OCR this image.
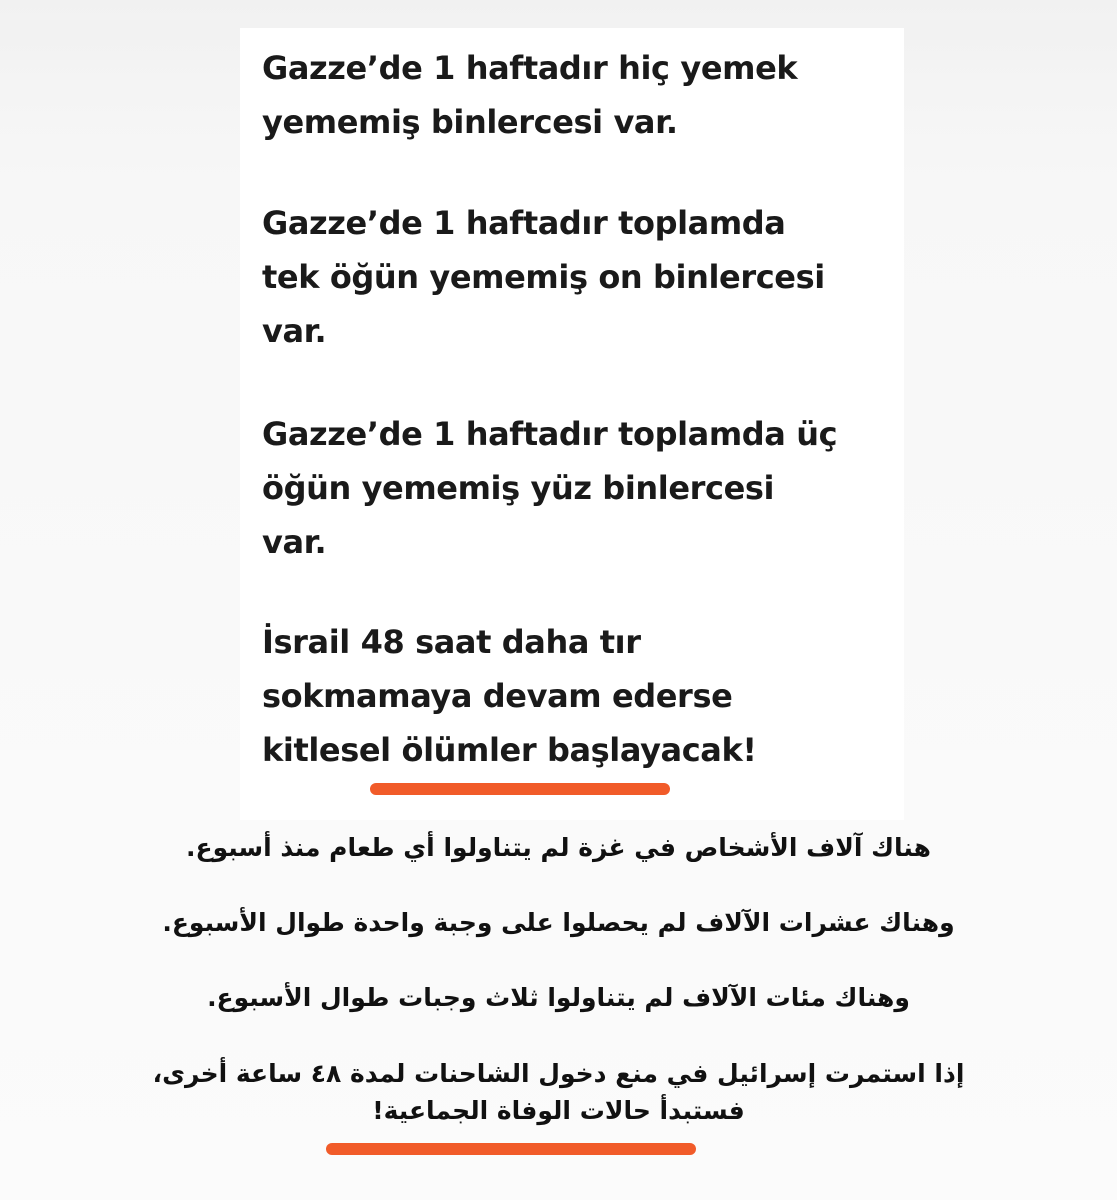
Gazze’de 1 haftadır hiç yemek
yememiş binlercesi var.

Gazze’de 1 haftadır toplamda
tek öğün yememiş on binlercesi
var.

Gazze’de 1 haftadır toplamda üç
öğün yememiş yüz binlercesi
var.

İsrail 48 saat daha tır
sokmamaya devam ederse
kitlesel ölümler başlayacak!

هناك آلاف الأشخاص في غزة لم يتناولوا أي طعام منذ أسبوع.

وهناك عشرات الآلاف لم يحصلوا على وجبة واحدة طوال الأسبوع.

وهناك مئات الآلاف لم يتناولوا ثلاث وجبات طوال الأسبوع.

إذا استمرت إسرائيل في منع دخول الشاحنات لمدة ٤٨ ساعة أخرى،

فستبدأ حالات الوفاة الجماعية!
